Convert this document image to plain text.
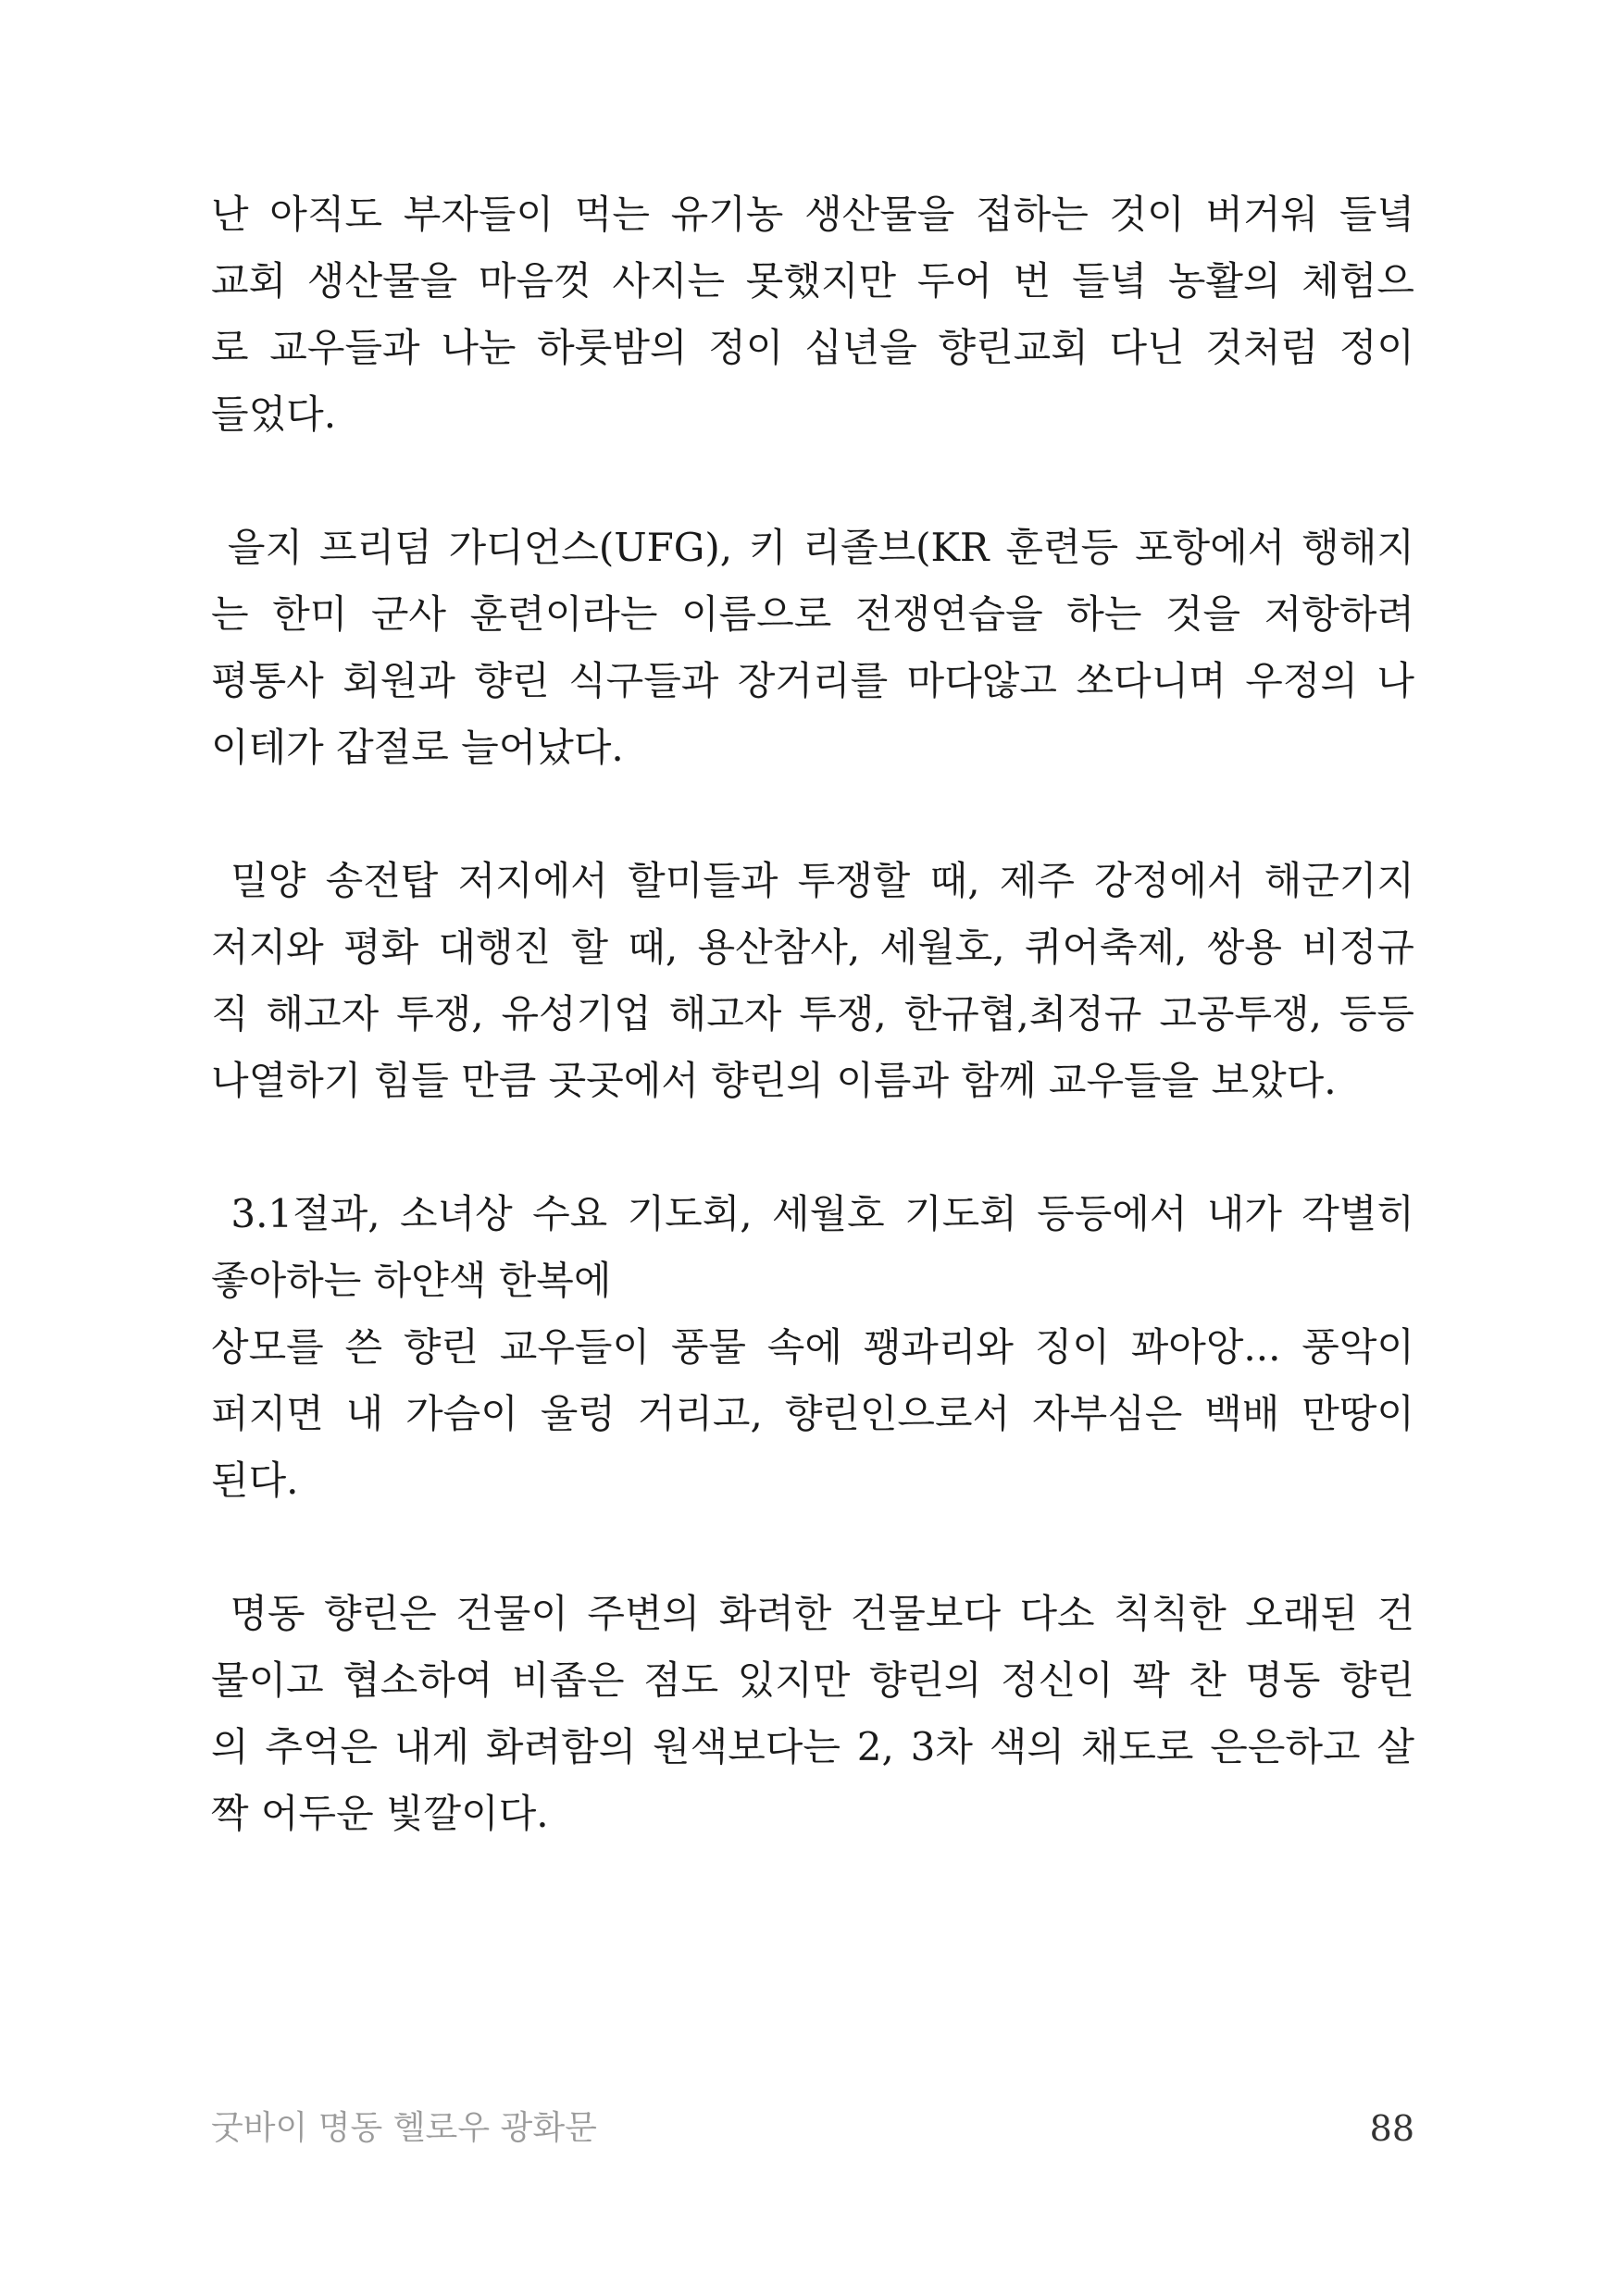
난 아직도 부자들이 먹는 유기농 생산물을 접하는 것이 버거워 들녘
교회 생산물을 마음껏 사지는 못했지만 두어 번 들녘 농활의 체험으
로 교우들과 나눈 하룻밤의 정이 십년을 향린교회 다닌 것처럼 정이
들었다.
을지 프리덤 가디언스(UFG), 키 리졸브(KR 훈련등 포항에서 행해지
는 한미 군사 훈련이라는 이름으로 전쟁연습을 하는 것을 저항하려
평통사 회원과 향린 식구들과 장거리를 마다않고 쏘다니며 우정의 나
이테가 갑절로 늘어났다.
밀양 송전탑 저지에서 할미들과 투쟁할 때, 제주 강정에서 해군기지
저지와 평화 대행진 할 때, 용산참사, 세월호, 퀴어축제, 쌍용 비정규
직 해고자 투쟁, 유성기업 해고자 투쟁, 한규협,최정규 고공투쟁, 등등
나열하기 힘들 만큼 곳곳에서 향린의 이름과 함께 교우들을 보았다.
3.1절과, 소녀상 수요 기도회, 세월호 기도회 등등에서 내가 각별히
좋아하는 하얀색 한복에
상모를 쓴 향린 교우들이 풍물 속에 꽹과리와 징이 꽈아앙... 풍악이
퍼지면 내 가슴이 울렁 거리고, 향린인으로서 자부심은 백배 만땅이
된다.
명동 향린은 건물이 주변의 화려한 건물보다 다소 칙칙한 오래된 건
물이고 협소하여 비좁은 점도 있지만 향린의 정신이 꽉 찬 명동 향린
의 추억은 내게 화려함의 원색보다는 2, 3차 색의 채도로 은은하고 살
짝 어두운 빛깔이다.
굿바이 명동 헬로우 광화문	88
